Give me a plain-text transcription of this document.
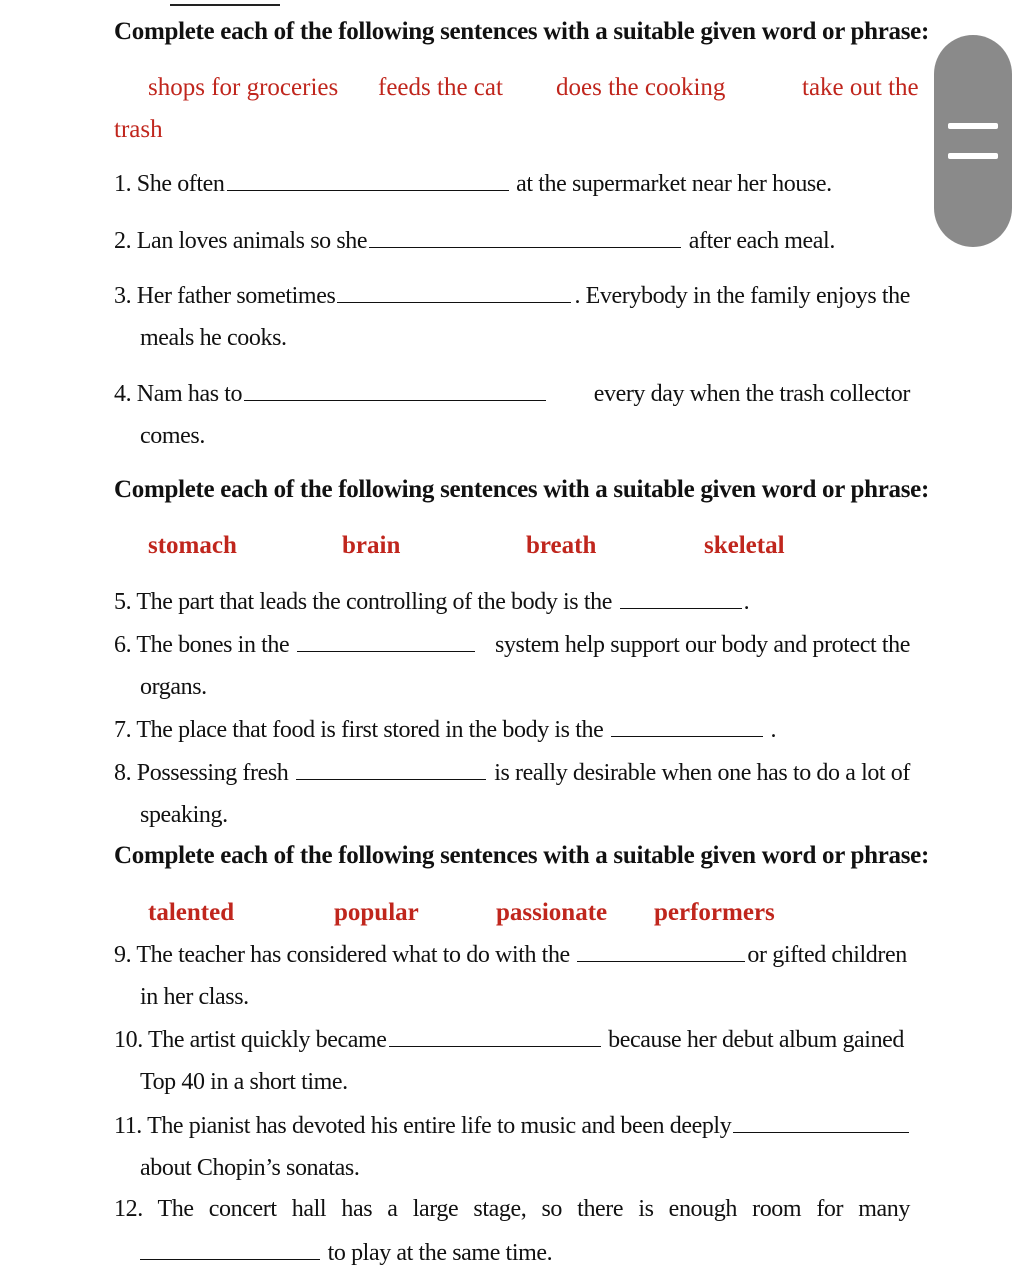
Complete each of the following sentences with a suitable given word or phrase:
shops for groceries feeds the cat does the cooking	take out the
trash
1. She often	at the supermarket near her house.
2. Lan loves animals so she	after each meal.
3. Her father sometimes	. Everybody in the family enjoys the
meals he cooks.
4. Nam has to	every day when the trash collector
comes.
Complete each of the following sentences with a suitable given word or phrase:
stomach	brain	breath	skeletal
5. The part that leads the controlling of the body is the	.
6. The bones in the	system help support our body and protect the
organs.
7. The place that food is first stored in the body is the	.
8. Possessing fresh	is really desirable when one has to do a lot of
speaking.
Complete each of the following sentences with a suitable given word or phrase:
talented	popular	passionate performers
9. The teacher has considered what to do with the	or gifted children
in her class.
10. The artist quickly became	because her debut album gained
Top 40 in a short time.
11. The pianist has devoted his entire life to music and been deeply
about Chopin’s sonatas.
12. The concert hall has a large stage, so there is enough room for many
to play at the same time.
